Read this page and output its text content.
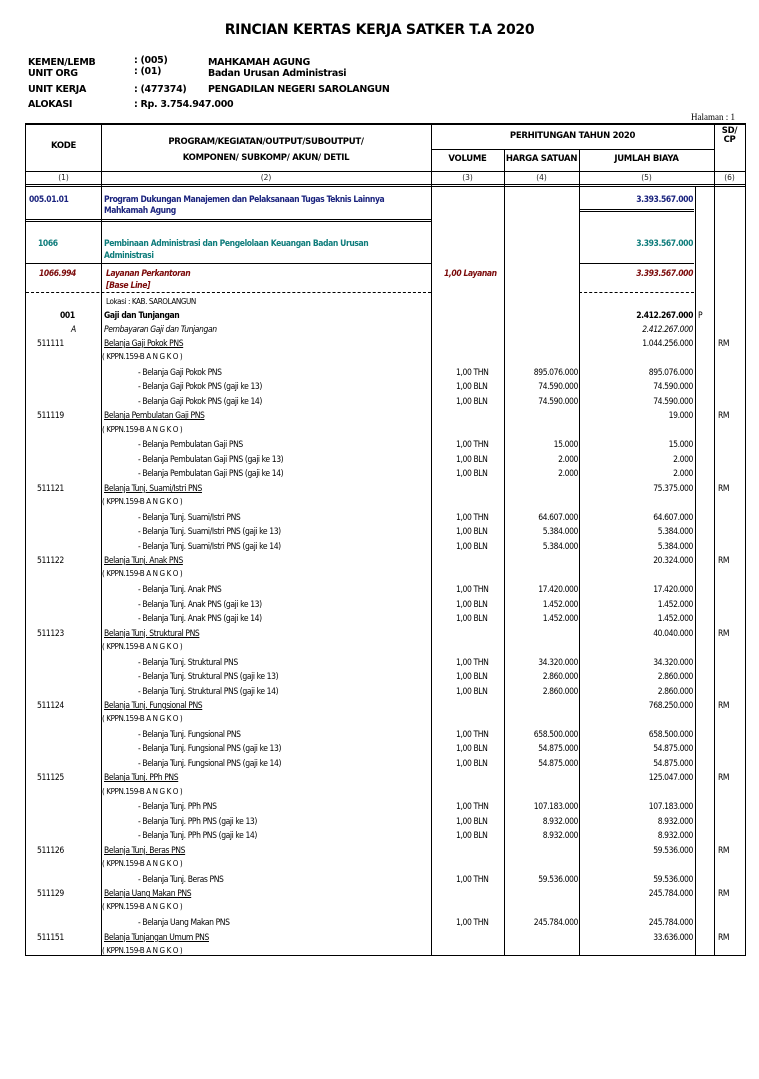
RINCIAN KERTAS KERJA SATKER T.A 2020
KEMEN/LEMB	: (005)	MAHKAMAH AGUNG
UNIT ORG	: (01)	Badan Urusan Administrasi
UNIT KERJA	: (477374) PENGADILAN NEGERI SAROLANGUN
ALOKASI	: Rp. 3.754.947.000
Halaman : 1
KODE	PROGRAM/KEGIATAN/OUTPUT/SUBOUTPUT/
KOMPONEN/ SUBKOMP/ AKUN/ DETIL
PERHITUNGAN TAHUN 2020
VOLUME	HARGA SATUAN	JUMLAH BIAYA
SD/
CP
(1)	(2)	(3)	(4)	(5)	(6)
005.01.01	Program Dukungan Manajemen dan Pelaksanaan Tugas Teknis Lainnya
Mahkamah Agung
3.393.567.000
1066	Pembinaan Administrasi dan Pengelolaan Keuangan Badan Urusan
Administrasi
3.393.567.000
1066.994	Layanan Perkantoran
[Base Line]
1,00 Layanan	3.393.567.000
Lokasi : KAB. SAROLANGUN
001	Gaji dan Tunjangan	2.412.267.000 P
A	Pembayaran Gaji dan Tunjangan	2.412.267.000
511111	Belanja Gaji Pokok PNS	1.044.256.000	RM
( KPPN.159-B A N G K O )
- Belanja Gaji Pokok PNS	1,00 THN	895.076.000	895.076.000
- Belanja Gaji Pokok PNS (gaji ke 13)	1,00 BLN	74.590.000	74.590.000
- Belanja Gaji Pokok PNS (gaji ke 14)	1,00 BLN	74.590.000	74.590.000
511119	Belanja Pembulatan Gaji PNS	19.000	RM
( KPPN.159-B A N G K O )
- Belanja Pembulatan Gaji PNS	1,00 THN	15.000	15.000
- Belanja Pembulatan Gaji PNS (gaji ke 13)	1,00 BLN	2.000	2.000
- Belanja Pembulatan Gaji PNS (gaji ke 14)	1,00 BLN	2.000	2.000
511121	Belanja Tunj. Suami/Istri PNS	75.375.000	RM
( KPPN.159-B A N G K O )
- Belanja Tunj. Suami/Istri PNS	1,00 THN	64.607.000	64.607.000
- Belanja Tunj. Suami/Istri PNS (gaji ke 13)	1,00 BLN	5.384.000	5.384.000
- Belanja Tunj. Suami/Istri PNS (gaji ke 14)	1,00 BLN	5.384.000	5.384.000
511122	Belanja Tunj. Anak PNS	20.324.000	RM
( KPPN.159-B A N G K O )
- Belanja Tunj. Anak PNS	1,00 THN	17.420.000	17.420.000
- Belanja Tunj. Anak PNS (gaji ke 13)	1,00 BLN	1.452.000	1.452.000
- Belanja Tunj. Anak PNS (gaji ke 14)	1,00 BLN	1.452.000	1.452.000
511123	Belanja Tunj. Struktural PNS	40.040.000	RM
( KPPN.159-B A N G K O )
- Belanja Tunj. Struktural PNS	1,00 THN	34.320.000	34.320.000
- Belanja Tunj. Struktural PNS (gaji ke 13)	1,00 BLN	2.860.000	2.860.000
- Belanja Tunj. Struktural PNS (gaji ke 14)	1,00 BLN	2.860.000	2.860.000
511124	Belanja Tunj. Fungsional PNS	768.250.000	RM
( KPPN.159-B A N G K O )
- Belanja Tunj. Fungsional PNS	1,00 THN	658.500.000	658.500.000
- Belanja Tunj. Fungsional PNS (gaji ke 13)	1,00 BLN	54.875.000	54.875.000
- Belanja Tunj. Fungsional PNS (gaji ke 14)	1,00 BLN	54.875.000	54.875.000
511125	Belanja Tunj. PPh PNS	125.047.000	RM
( KPPN.159-B A N G K O )
- Belanja Tunj. PPh PNS	1,00 THN	107.183.000	107.183.000
- Belanja Tunj. PPh PNS (gaji ke 13)	1,00 BLN	8.932.000	8.932.000
- Belanja Tunj. PPh PNS (gaji ke 14)	1,00 BLN	8.932.000	8.932.000
511126	Belanja Tunj. Beras PNS	59.536.000	RM
( KPPN.159-B A N G K O )
- Belanja Tunj. Beras PNS	1,00 THN	59.536.000	59.536.000
511129	Belanja Uang Makan PNS	245.784.000	RM
( KPPN.159-B A N G K O )
- Belanja Uang Makan PNS	1,00 THN	245.784.000	245.784.000
511151	Belanja Tunjangan Umum PNS	33.636.000	RM
( KPPN.159-B A N G K O )
